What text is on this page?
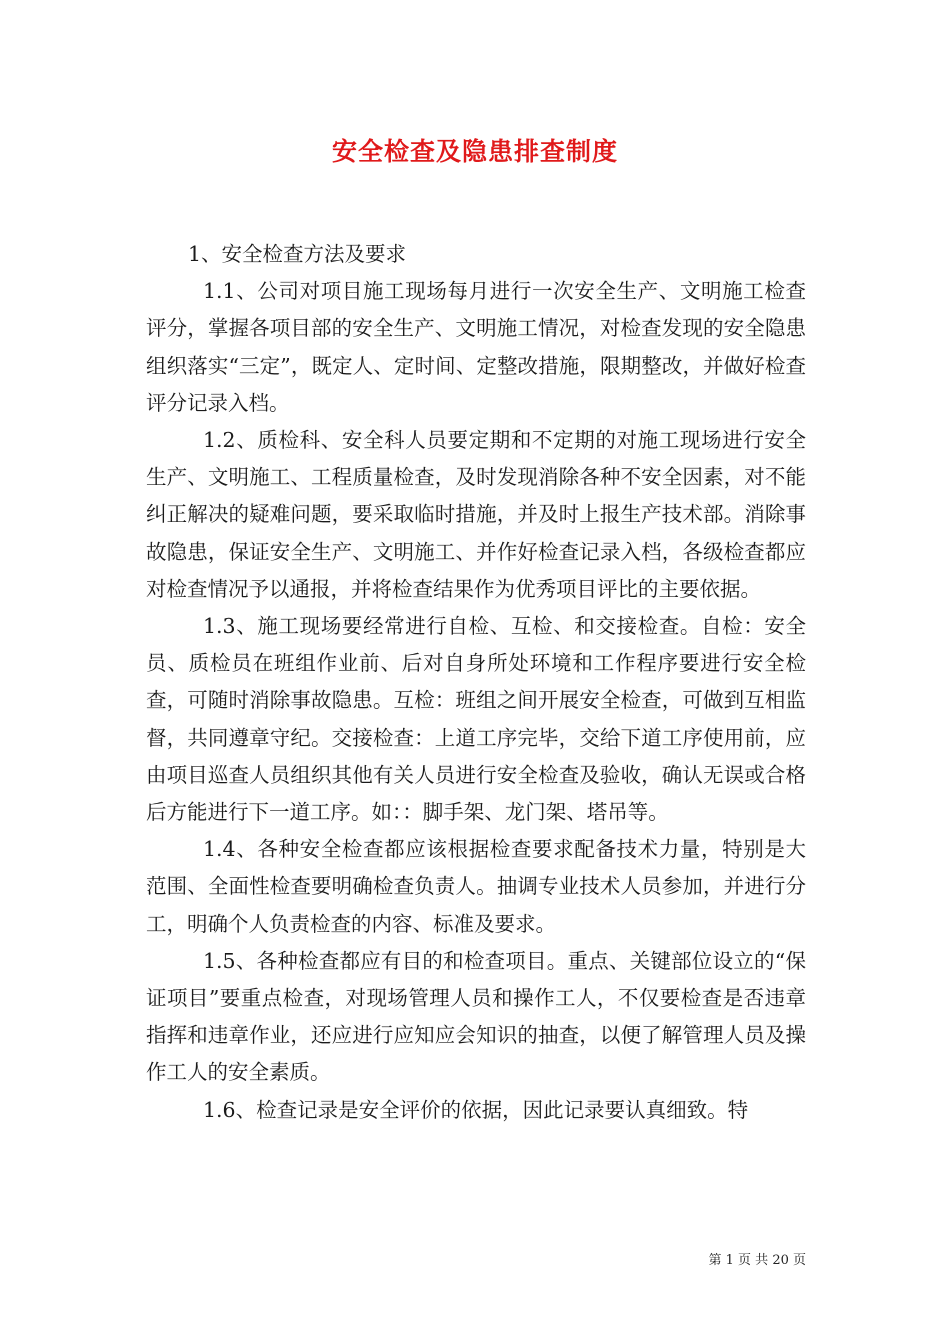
安全检查及隐患排查制度

1、安全检查方法及要求

1.1、公司对项目施工现场每月进行一次安全生产、文明施工检查评分，掌握各项目部的安全生产、文明施工情况，对检查发现的安全隐患组织落实“三定”，既定人、定时间、定整改措施，限期整改，并做好检查评分记录入档。

1.2、质检科、安全科人员要定期和不定期的对施工现场进行安全生产、文明施工、工程质量检查，及时发现消除各种不安全因素，对不能纠正解决的疑难问题，要采取临时措施，并及时上报生产技术部。消除事故隐患，保证安全生产、文明施工、并作好检查记录入档，各级检查都应对检查情况予以通报，并将检查结果作为优秀项目评比的主要依据。

1.3、施工现场要经常进行自检、互检、和交接检查。自检：安全员、质检员在班组作业前、后对自身所处环境和工作程序要进行安全检查，可随时消除事故隐患。互检：班组之间开展安全检查，可做到互相监督，共同遵章守纪。交接检查：上道工序完毕，交给下道工序使用前，应由项目巡查人员组织其他有关人员进行安全检查及验收，确认无误或合格后方能进行下一道工序。如：：脚手架、龙门架、塔吊等。

1.4、各种安全检查都应该根据检查要求配备技术力量，特别是大范围、全面性检查要明确检查负责人。抽调专业技术人员参加，并进行分工，明确个人负责检查的内容、标准及要求。

1.5、各种检查都应有目的和检查项目。重点、关键部位设立的“保证项目”要重点检查，对现场管理人员和操作工人，不仅要检查是否违章指挥和违章作业，还应进行应知应会知识的抽查，以便了解管理人员及操作工人的安全素质。

1.6、检查记录是安全评价的依据，因此记录要认真细致。特

第 1 页 共 20 页
